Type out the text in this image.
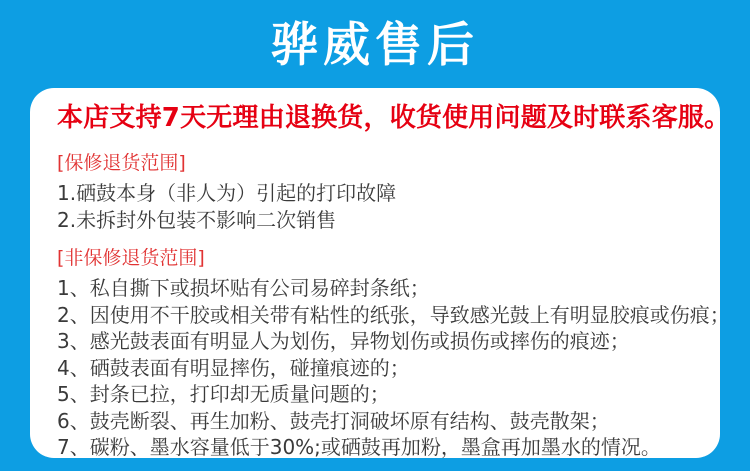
骅威售后
本店支持7天无理由退换货，收货使用问题及时联系客服。
[保修退货范围]
1.硒鼓本身（非人为）引起的打印故障
2.未拆封外包装不影响二次销售
[非保修退货范围]
1、私自撕下或损坏贴有公司易碎封条纸；
2、因使用不干胶或相关带有粘性的纸张，导致感光鼓上有明显胶痕或伤痕；
3、感光鼓表面有明显人为划伤，异物划伤或损伤或摔伤的痕迹；
4、硒鼓表面有明显摔伤，碰撞痕迹的；
5、封条已拉，打印却无质量问题的；
6、鼓壳断裂、再生加粉、鼓壳打洞破坏原有结构、鼓壳散架；
7、碳粉、墨水容量低于30%;或硒鼓再加粉，墨盒再加墨水的情况。
